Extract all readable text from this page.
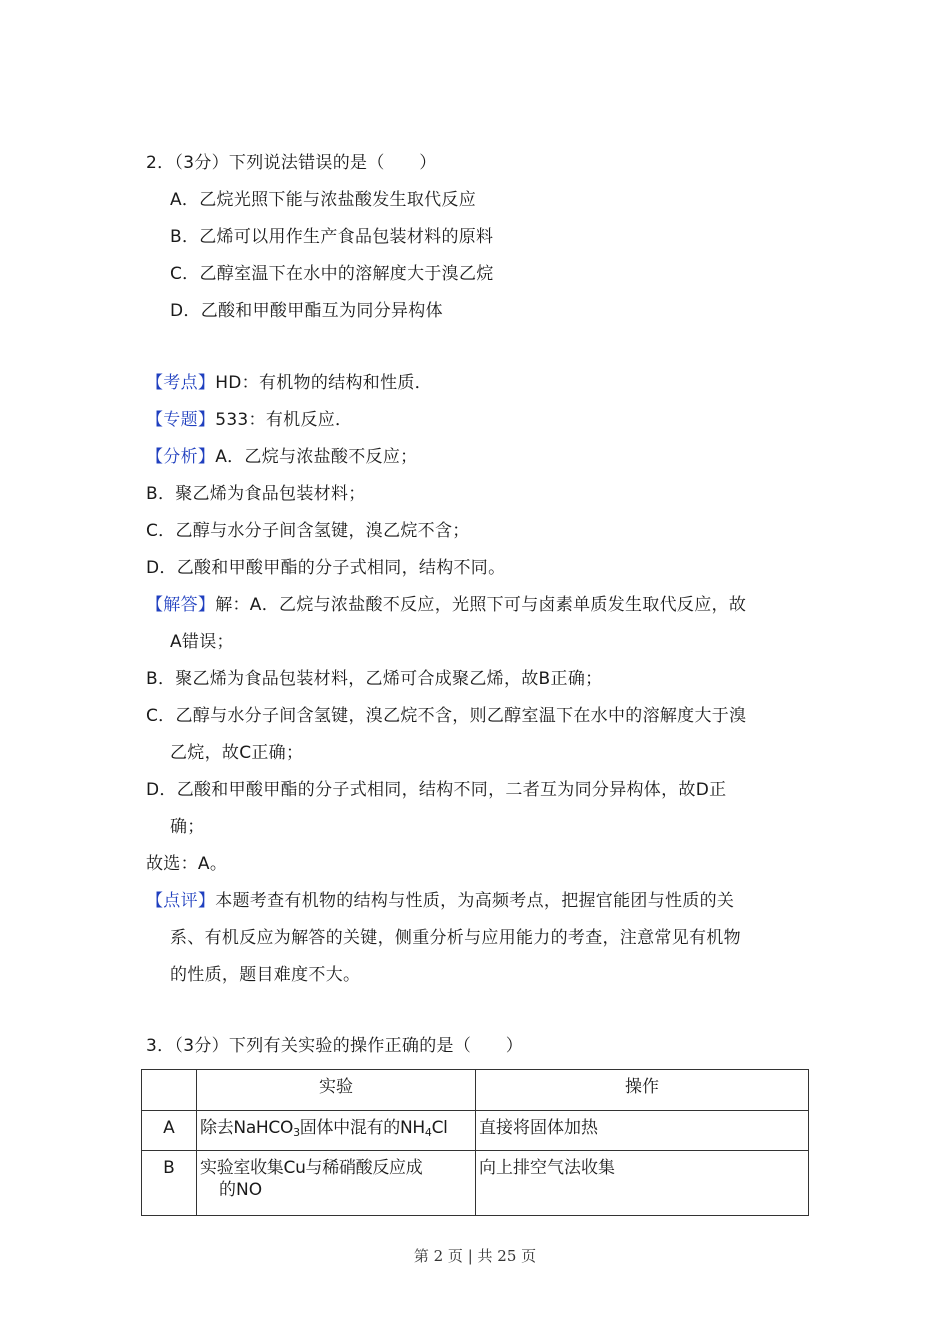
2．（3分）下列说法错误的是（　　）
A．乙烷光照下能与浓盐酸发生取代反应
B．乙烯可以用作生产食品包装材料的原料
C．乙醇室温下在水中的溶解度大于溴乙烷
D．乙酸和甲酸甲酯互为同分异构体
【考点】HD：有机物的结构和性质．
【专题】533：有机反应．
【分析】A．乙烷与浓盐酸不反应；
B．聚乙烯为食品包装材料；
C．乙醇与水分子间含氢键，溴乙烷不含；
D．乙酸和甲酸甲酯的分子式相同，结构不同。
【解答】解：A．乙烷与浓盐酸不反应，光照下可与卤素单质发生取代反应，故
A错误；
B．聚乙烯为食品包装材料，乙烯可合成聚乙烯，故B正确；
C．乙醇与水分子间含氢键，溴乙烷不含，则乙醇室温下在水中的溶解度大于溴
乙烷，故C正确；
D．乙酸和甲酸甲酯的分子式相同，结构不同，二者互为同分异构体，故D正
确；
故选：A。
【点评】本题考查有机物的结构与性质，为高频考点，把握官能团与性质的关
系、有机反应为解答的关键，侧重分析与应用能力的考查，注意常见有机物
的性质，题目难度不大。
3．（3分）下列有关实验的操作正确的是（　　）

	实验	操作

A	除去NaHCO$_3$固体中混有的$NH_4Cl$	直接将固体加热

B	实验室收集Cu与稀硝酸反应成
的NO	向上排空气法收集
第 2 页 | 共 25 页
